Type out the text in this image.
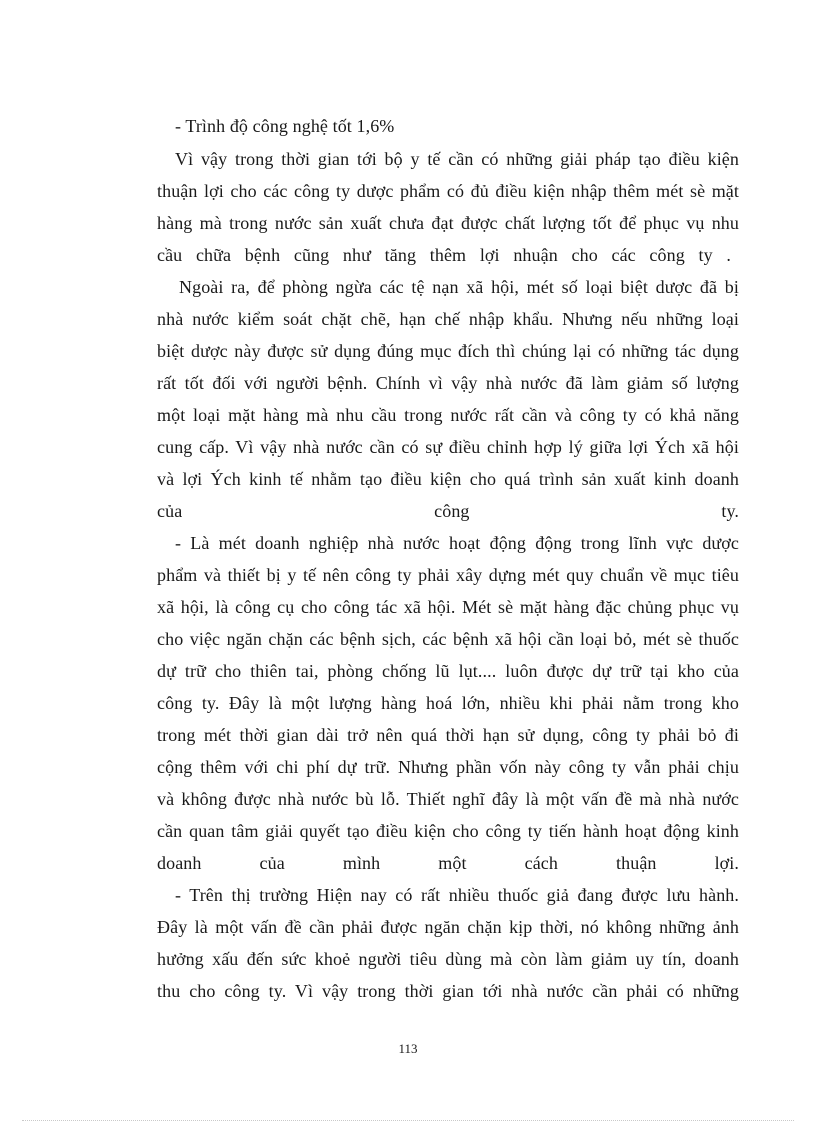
- Trình độ công nghệ tốt 1,6%
Vì vậy trong thời gian tới bộ y tế cần có những giải pháp tạo điều kiện
thuận lợi cho các công ty dược phẩm có đủ điều kiện nhập thêm mét sè mặt
hàng mà trong nước sản xuất chưa đạt được chất lượng tốt để phục vụ nhu
cầu chữa bệnh cũng như tăng thêm lợi nhuận cho các công ty .
Ngoài ra, để phòng ngừa các tệ nạn xã hội, mét số loại biệt dược đã bị
nhà nước kiểm soát chặt chẽ, hạn chế nhập khẩu. Nhưng nếu những loại
biệt dược này được sử dụng đúng mục đích thì chúng lại có những tác dụng
rất tốt đối với người bệnh. Chính vì vậy nhà nước đã làm giảm số lượng
một loại mặt hàng mà nhu cầu trong nước rất cần và công ty có khả năng
cung cấp. Vì vậy nhà nước cần có sự điều chỉnh hợp lý giữa lợi Ých xã hội
và lợi Ých kinh tế nhằm tạo điều kiện cho quá trình sản xuất kinh doanh
của công ty.
- Là mét doanh nghiệp nhà nước hoạt động động trong lĩnh vực dược
phẩm và thiết bị y tế nên công ty phải xây dựng mét quy chuẩn về mục tiêu
xã hội, là công cụ cho công tác xã hội. Mét sè mặt hàng đặc chủng phục vụ
cho việc ngăn chặn các bệnh sịch, các bệnh xã hội cần loại bỏ, mét sè thuốc
dự trữ cho thiên tai, phòng chống lũ lụt.... luôn được dự trữ tại kho của
công ty. Đây là một lượng hàng hoá lớn, nhiều khi phải nằm trong kho
trong mét thời gian dài trở nên quá thời hạn sử dụng, công ty phải bỏ đi
cộng thêm với chi phí dự trữ. Nhưng phần vốn này công ty vẫn phải chịu
và không được nhà nước bù lỗ. Thiết nghĩ đây là một vấn đề mà nhà nước
cần quan tâm giải quyết tạo điều kiện cho công ty tiến hành hoạt động kinh
doanh của mình một cách thuận lợi.
- Trên thị trường Hiện nay có rất nhiều thuốc giả đang được lưu hành.
Đây là một vấn đề cần phải được ngăn chặn kịp thời, nó không những ảnh
hưởng xấu đến sức khoẻ người tiêu dùng mà còn làm giảm uy tín, doanh
thu cho công ty. Vì vậy trong thời gian tới nhà nước cần phải có những
113
